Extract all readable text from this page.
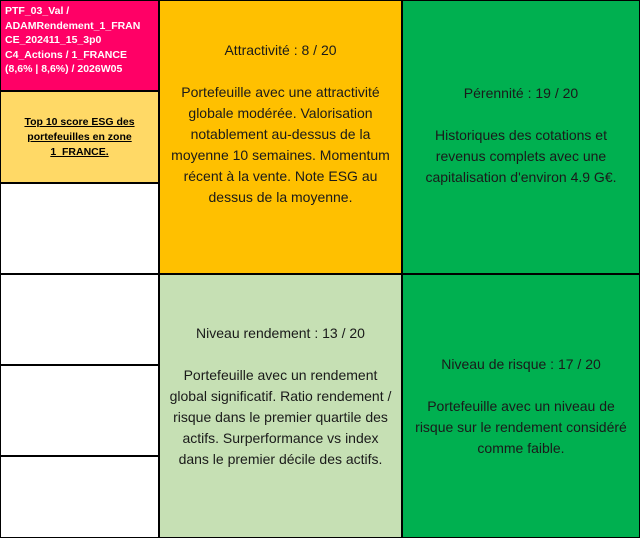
PTF_03_Val /
ADAMRendement_1_FRAN
CE_202411_15_3p0
C4_Actions / 1_FRANCE
(8,6% | 8,6%) / 2026W05
Top 10 score ESG des portefeuilles en zone 1_FRANCE.
Attractivité : 8 / 20
Portefeuille avec une attractivité globale modérée. Valorisation notablement au-dessus de la moyenne 10 semaines. Momentum récent à la vente. Note ESG au dessus de la moyenne.
Pérennité : 19 / 20
Historiques des cotations et revenus complets avec une capitalisation d'environ 4.9 G€.
Niveau rendement : 13 / 20
Portefeuille avec un rendement global significatif. Ratio rendement / risque dans le premier quartile des actifs. Surperformance vs index dans le premier décile des actifs.
Niveau de risque : 17 / 20
Portefeuille avec un niveau de risque sur le rendement considéré comme faible.
